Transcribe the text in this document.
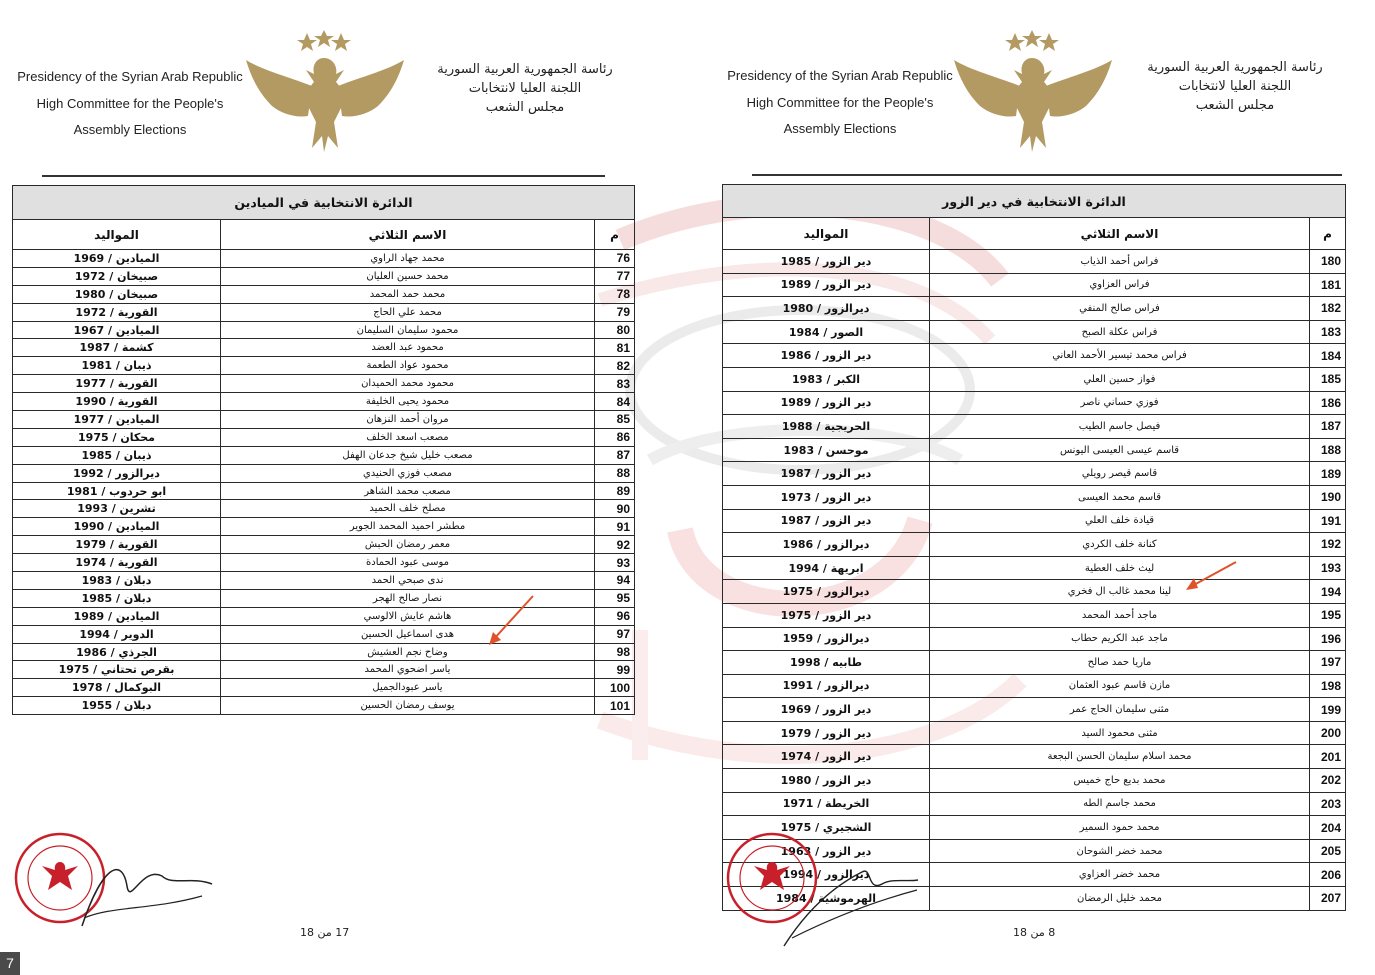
Presidency of the Syrian Arab Republic
High Committee for the People's
Assembly Elections
رئاسة الجمهورية العربية السورية
اللجنة العليا لانتخابات
مجلس الشعب
الدائرة الانتخابية في الميادين		
المواليد	الاسم الثلاثي	م
الميادين / 1969	محمد جهاد الراوي	76
صبيخان / 1972	محمد حسين العليان	77
صبيخان / 1980	محمد حمد المحمد	78
القورية / 1972	محمد علي الحاج	79
الميادين / 1967	محمود سليمان السليمان	80
كشمة / 1987	محمود عبد العضد	81
ذيبان / 1981	محمود عواد الطعمة	82
القورية / 1977	محمود محمد الحميدان	83
القورية / 1990	محمود يحيى الخليفة	84
الميادين / 1977	مروان أحمد النزهان	85
محكان / 1975	مصعب اسعد الخلف	86
ذيبان / 1985	مصعب خليل شيخ جدعان الهفل	87
ديرالزور / 1992	مصعب فوزي الحنيدي	88
ابو حردوب / 1981	مصعب محمد الشاهر	89
تشرين / 1993	مصلح خلف الحميد	90
الميادين / 1990	مطشر احميد المحمد الجوير	91
القورية / 1979	معمر رمضان الحبش	92
القورية / 1974	موسى عبود الحمادة	93
دبلان / 1983	ندى صبحي الحمد	94
دبلان / 1985	نصار صالح الهجر	95
الميادين / 1989	هاشم عايش الالوسي	96
الدوير / 1994	هدى اسماعيل الحسين	97
الجرذي / 1986	وضاح نجم العشيش	98
بقرص تحتاني / 1975	ياسر اضحوي المحمد	99
البوكمال / 1978	ياسر عبودالجميل	100
دبلان / 1955	يوسف رمضان الحسين	101
17 من 18
Presidency of the Syrian Arab Republic
High Committee for the People's
Assembly Elections
رئاسة الجمهورية العربية السورية
اللجنة العليا لانتخابات
مجلس الشعب
الدائرة الانتخابية في دير الزور		
المواليد	الاسم الثلاثي	م
دير الزور / 1985	فراس أحمد الذياب	180
دير الزور / 1989	فراس العزاوي	181
ديرالزور / 1980	فراس صالح المنفي	182
الصور / 1984	فراس عكلة الصبح	183
دير الزور / 1986	فراس محمد تيسير الأحمد العاني	184
الكبر / 1983	فواز حسين العلي	185
دير الزور / 1989	فوزي حساني ناصر	186
الحريجية / 1988	فيصل جاسم الطيب	187
موحسن / 1983	قاسم عيسى العيسى اليونس	188
دير الزور / 1987	قاسم قيصر رويلي	189
دير الزور / 1973	قاسم محمد العيسى	190
دير الزور / 1987	قيادة خلف العلي	191
ديرالزور / 1986	كنانة خلف الكردي	192
ابريهة / 1994	ليث خلف العطية	193
ديرالزور / 1975	لينا محمد غالب ال فخري	194
دير الزور / 1975	ماجد أحمد المحمد	195
ديرالزور / 1959	ماجد عبد الكريم حطاب	196
طابيه / 1998	ماريا حمد صالح	197
ديرالزور / 1991	مازن قاسم عبود العثمان	198
دير الزور / 1969	مثنى سليمان الحاج عمر	199
دير الزور / 1979	مثنى محمود السيد	200
دير الزور / 1974	محمد اسلام سليمان الحسن البجعة	201
دير الزور / 1980	محمد بديع حاج خميس	202
الخريطة / 1971	محمد جاسم الطه	203
الشجيري / 1975	محمد حمود السمير	204
دير الزور / 1963	محمد خضر الشوحان	205
ديرالزور / 1994	محمد خضر العزاوي	206
الهرموشية / 1984	محمد خليل الرمضان	207
8 من 18
7
